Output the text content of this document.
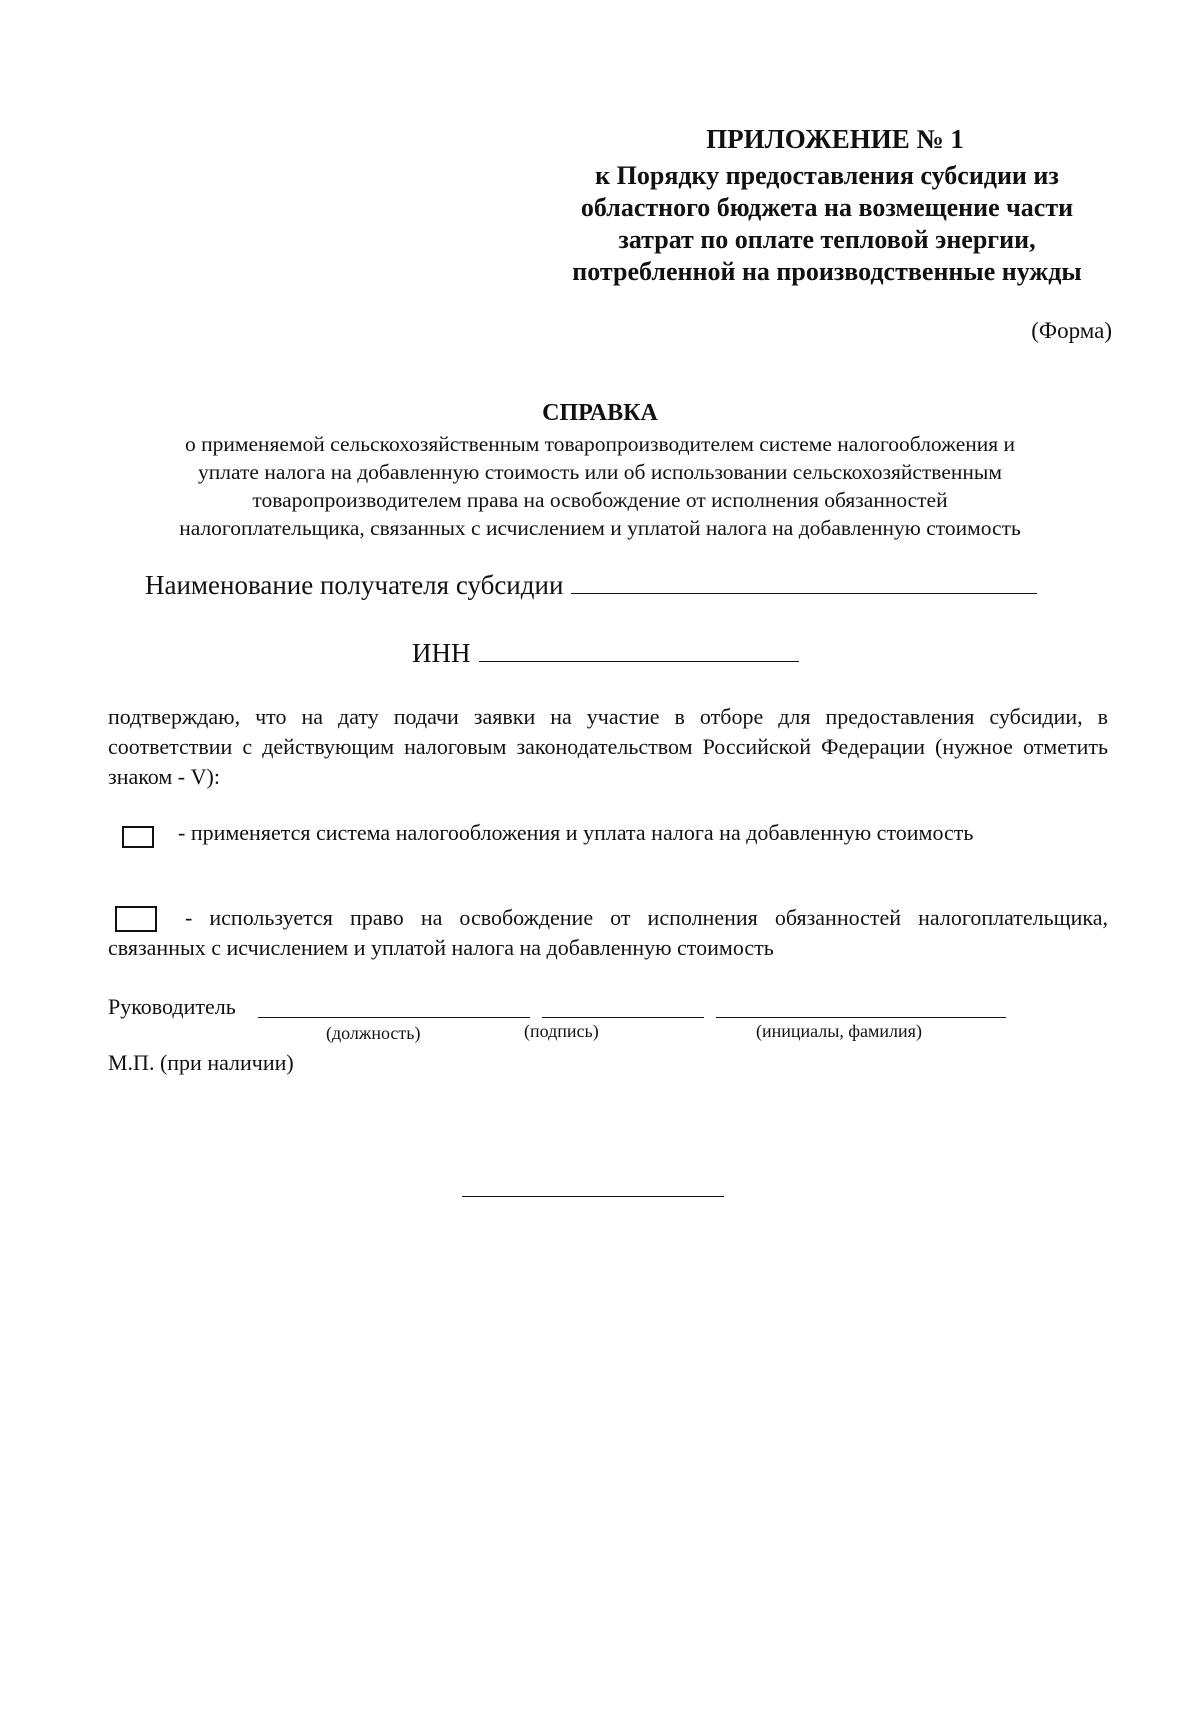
ПРИЛОЖЕНИЕ № 1
к Порядку предоставления субсидии из
областного бюджета на возмещение части
затрат по оплате тепловой энергии,
потребленной на производственные нужды
(Форма)
СПРАВКА
о применяемой сельскохозяйственным товаропроизводителем системе налогообложения и
уплате налога на добавленную стоимость или об использовании сельскохозяйственным
товаропроизводителем права на освобождение от исполнения обязанностей
налогоплательщика, связанных с исчислением и уплатой налога на добавленную стоимость
Наименование получателя субсидии
ИНН
подтверждаю, что на дату подачи заявки на участие в отборе для предоставления субсидии, в соответствии с действующим налоговым законодательством Российской Федерации (нужное отметить знаком - V):
- применяется система налогообложения и уплата налога на добавленную стоимость
- используется право на освобождение от исполнения обязанностей налогоплательщика, связанных с исчислением и уплатой налога на добавленную стоимость
Руководитель
(должность)	(подпись)	(инициалы, фамилия)
М.П. (при наличии)
